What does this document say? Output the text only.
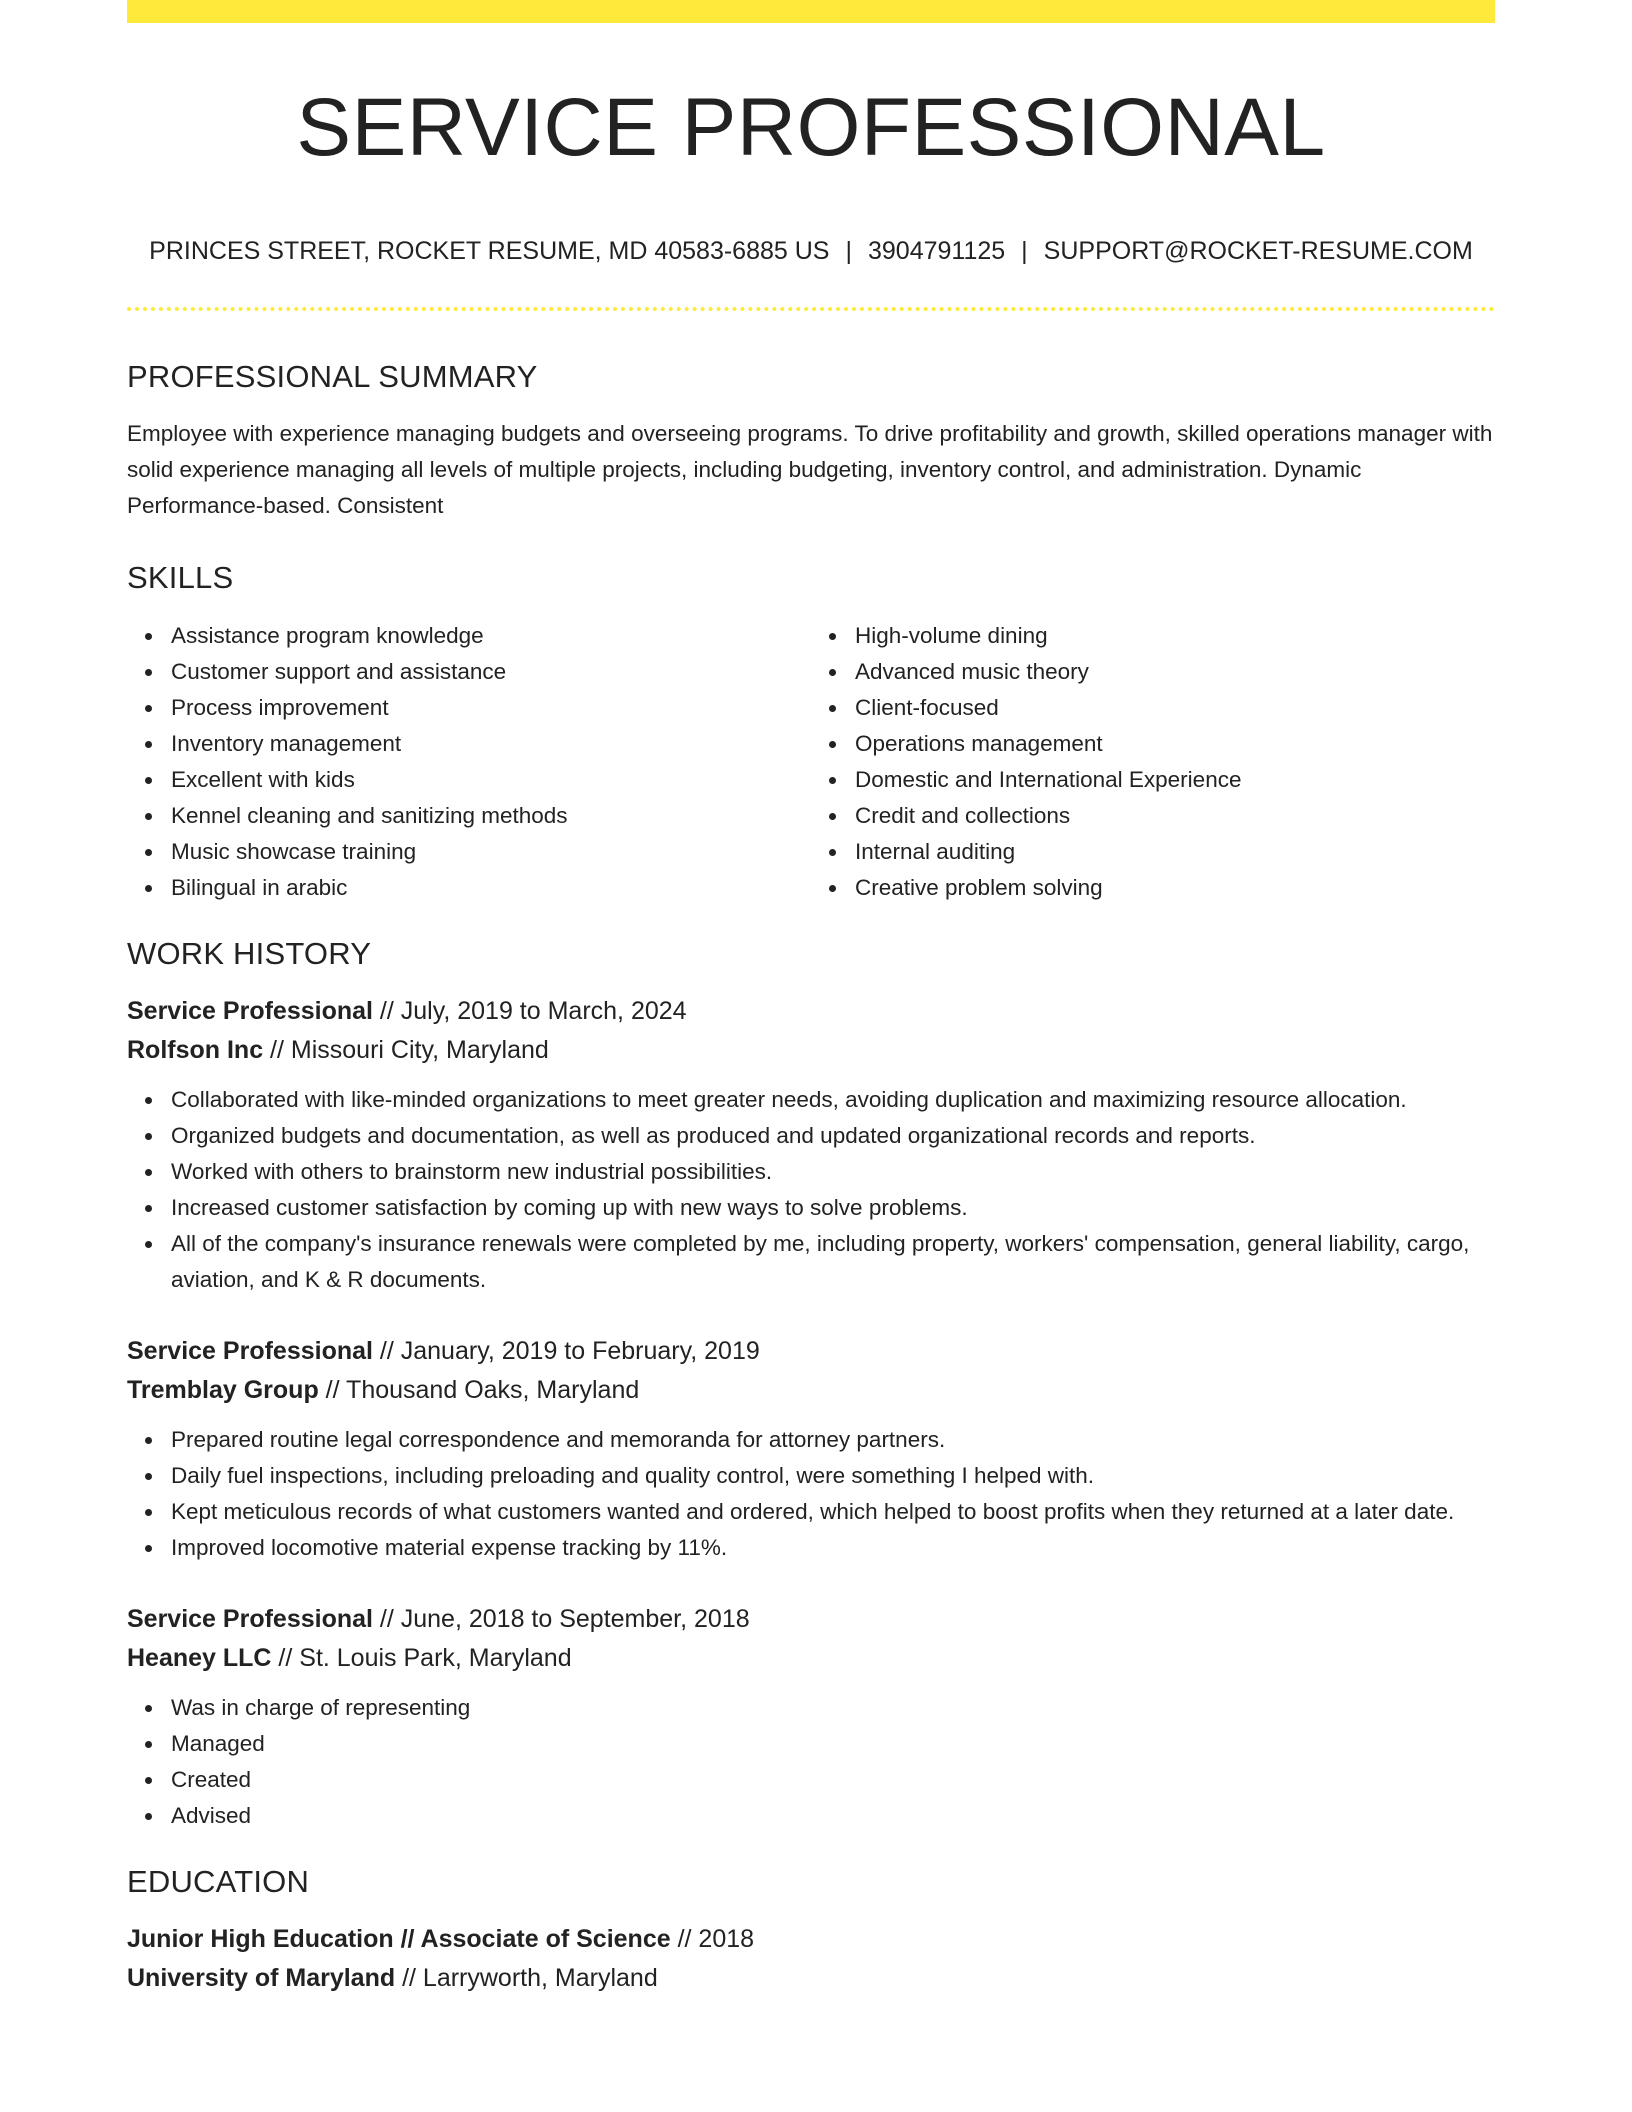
SERVICE PROFESSIONAL
PRINCES STREET, ROCKET RESUME, MD 40583-6885 US | 3904791125 | SUPPORT@ROCKET-RESUME.COM
PROFESSIONAL SUMMARY
Employee with experience managing budgets and overseeing programs. To drive profitability and growth, skilled operations manager with solid experience managing all levels of multiple projects, including budgeting, inventory control, and administration. Dynamic Performance-based. Consistent
SKILLS
Assistance program knowledge
Customer support and assistance
Process improvement
Inventory management
Excellent with kids
Kennel cleaning and sanitizing methods
Music showcase training
Bilingual in arabic
High-volume dining
Advanced music theory
Client-focused
Operations management
Domestic and International Experience
Credit and collections
Internal auditing
Creative problem solving
WORK HISTORY
Service Professional // July, 2019 to March, 2024
Rolfson Inc // Missouri City, Maryland
Collaborated with like-minded organizations to meet greater needs, avoiding duplication and maximizing resource allocation.
Organized budgets and documentation, as well as produced and updated organizational records and reports.
Worked with others to brainstorm new industrial possibilities.
Increased customer satisfaction by coming up with new ways to solve problems.
All of the company's insurance renewals were completed by me, including property, workers' compensation, general liability, cargo, aviation, and K & R documents.
Service Professional // January, 2019 to February, 2019
Tremblay Group // Thousand Oaks, Maryland
Prepared routine legal correspondence and memoranda for attorney partners.
Daily fuel inspections, including preloading and quality control, were something I helped with.
Kept meticulous records of what customers wanted and ordered, which helped to boost profits when they returned at a later date.
Improved locomotive material expense tracking by 11%.
Service Professional // June, 2018 to September, 2018
Heaney LLC // St. Louis Park, Maryland
Was in charge of representing
Managed
Created
Advised
EDUCATION
Junior High Education // Associate of Science // 2018
University of Maryland // Larryworth, Maryland
